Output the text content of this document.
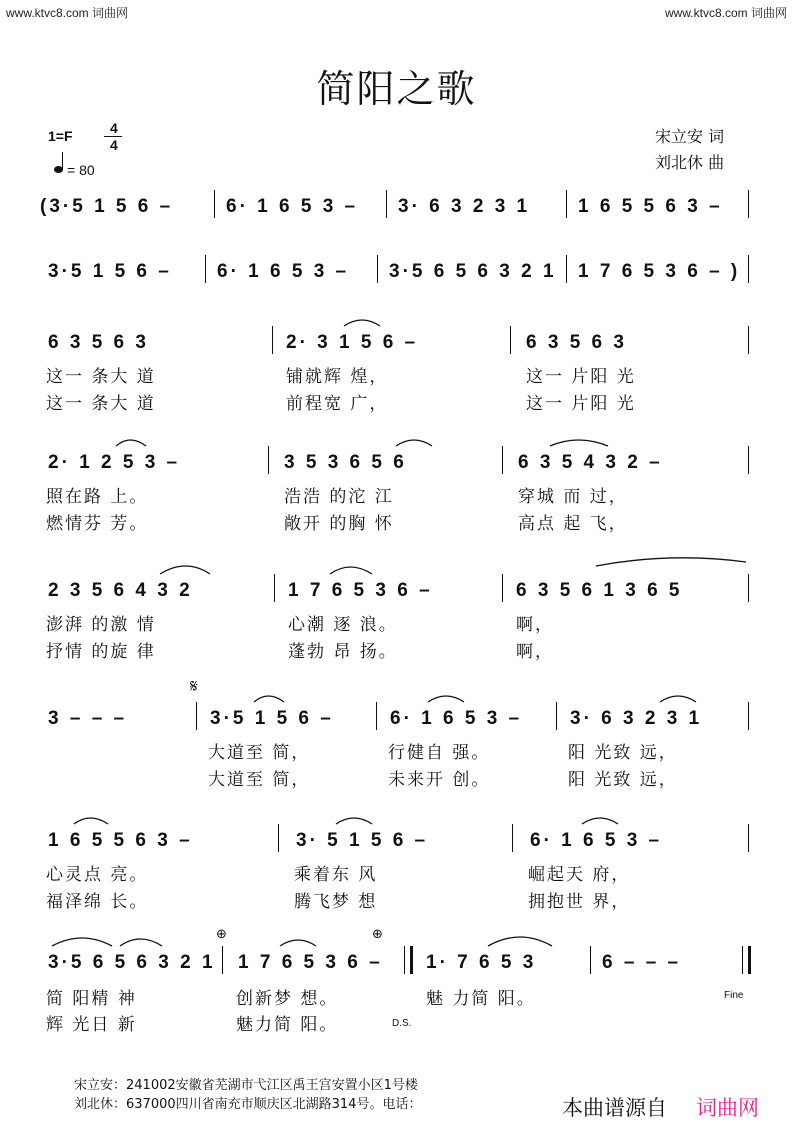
www.ktvc8.com 词曲网	www.ktvc8.com 词曲网
简阳之歌
1=F	4
4
= 80
宋立安 词
刘北休 曲
(3·5 1 5 6 –	6· 1 6 5 3 – 3· 6 3 2 3 1	1 6 5 5 6 3 –
3·5 1 5 6 – 6· 1 6 5 3 – 3·5 6 5 6 3 2 1 1 7 6 5 3 6 – )
6 3 5 6 3	2· 3 1 5 6 –	6 3 5 6 3
这一 条大 道	铺就辉 煌，	这一 片阳 光
这一 条大 道	前程宽 广，	这一 片阳 光
2· 1 2 5 3 –	3 5 3 6 5 6	6 3 5 4 3 2 –
照在路 上。	浩浩 的沱 江	穿城 而 过，
燃情芬 芳。	敞开 的胸 怀	高点 起 飞，
2 3 5 6 4 3 2	1 7 6 5 3 6 –	6 3 5 6 1 3 6 5
澎湃 的激 情	心潮 逐 浪。	啊，
抒情 的旋 律	蓬勃 昂 扬。	啊，
𝄋
3 – – –	3·5 1 5 6 –	6· 1 6 5 3 –	3· 6 3 2 3 1
大道至 简，	行健自 强。	阳 光致 远，
大道至 简，	未来开 创。	阳 光致 远，
1 6 5 5 6 3 –	3· 5 1 5 6 –	6· 1 6 5 3 –
心灵点 亮。	乘着东 风	崛起天 府，
福泽绵 长。	腾飞梦 想	拥抱世 界，
⊕	⊕
3·5 6 5 6 3 2 1 1 7 6 5 3 6 – 1· 7 6 5 3	6 – – –
简 阳精 神	创新梦 想。	魅 力简 阳。	Fine
辉 光日 新	魅力简 阳。	D.S.
宋立安：241002安徽省芜湖市弋江区禹王宫安置小区1号楼
刘北休：637000四川省南充市顺庆区北湖路314号。电话：	本曲谱源自 词曲网
